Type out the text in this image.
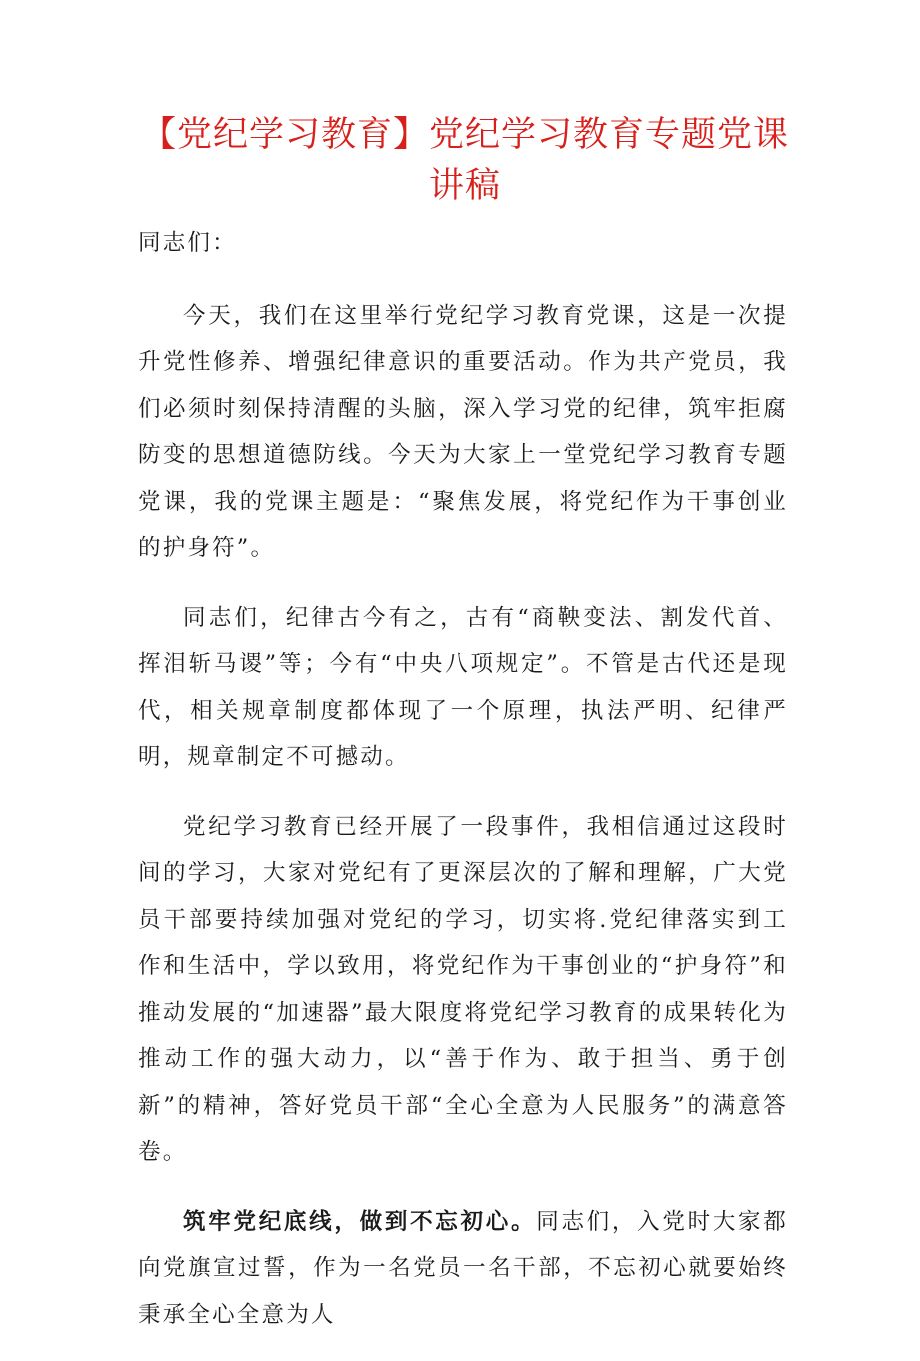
【党纪学习教育】党纪学习教育专题党课
讲稿

同志们：

今天，我们在这里举行党纪学习教育党课，这是一次提升党性修养、增强纪律意识的重要活动。作为共产党员，我们必须时刻保持清醒的头脑，深入学习党的纪律，筑牢拒腐防变的思想道德防线。今天为大家上一堂党纪学习教育专题党课，我的党课主题是：“聚焦发展，将党纪作为干事创业的护身符”。

同志们，纪律古今有之，古有“商鞅变法、割发代首、挥泪斩马谡”等；今有“中央八项规定”。不管是古代还是现代，相关规章制度都体现了一个原理，执法严明、纪律严明，规章制定不可撼动。

党纪学习教育已经开展了一段事件，我相信通过这段时间的学习，大家对党纪有了更深层次的了解和理解，广大党员干部要持续加强对党纪的学习，切实将.党纪律落实到工作和生活中，学以致用，将党纪作为干事创业的“护身符”和推动发展的“加速器”最大限度将党纪学习教育的成果转化为推动工作的强大动力，以“善于作为、敢于担当、勇于创新”的精神，答好党员干部“全心全意为人民服务”的满意答卷。

筑牢党纪底线，做到不忘初心。同志们，入党时大家都向党旗宣过誓，作为一名党员一名干部，不忘初心就要始终秉承全心全意为人
